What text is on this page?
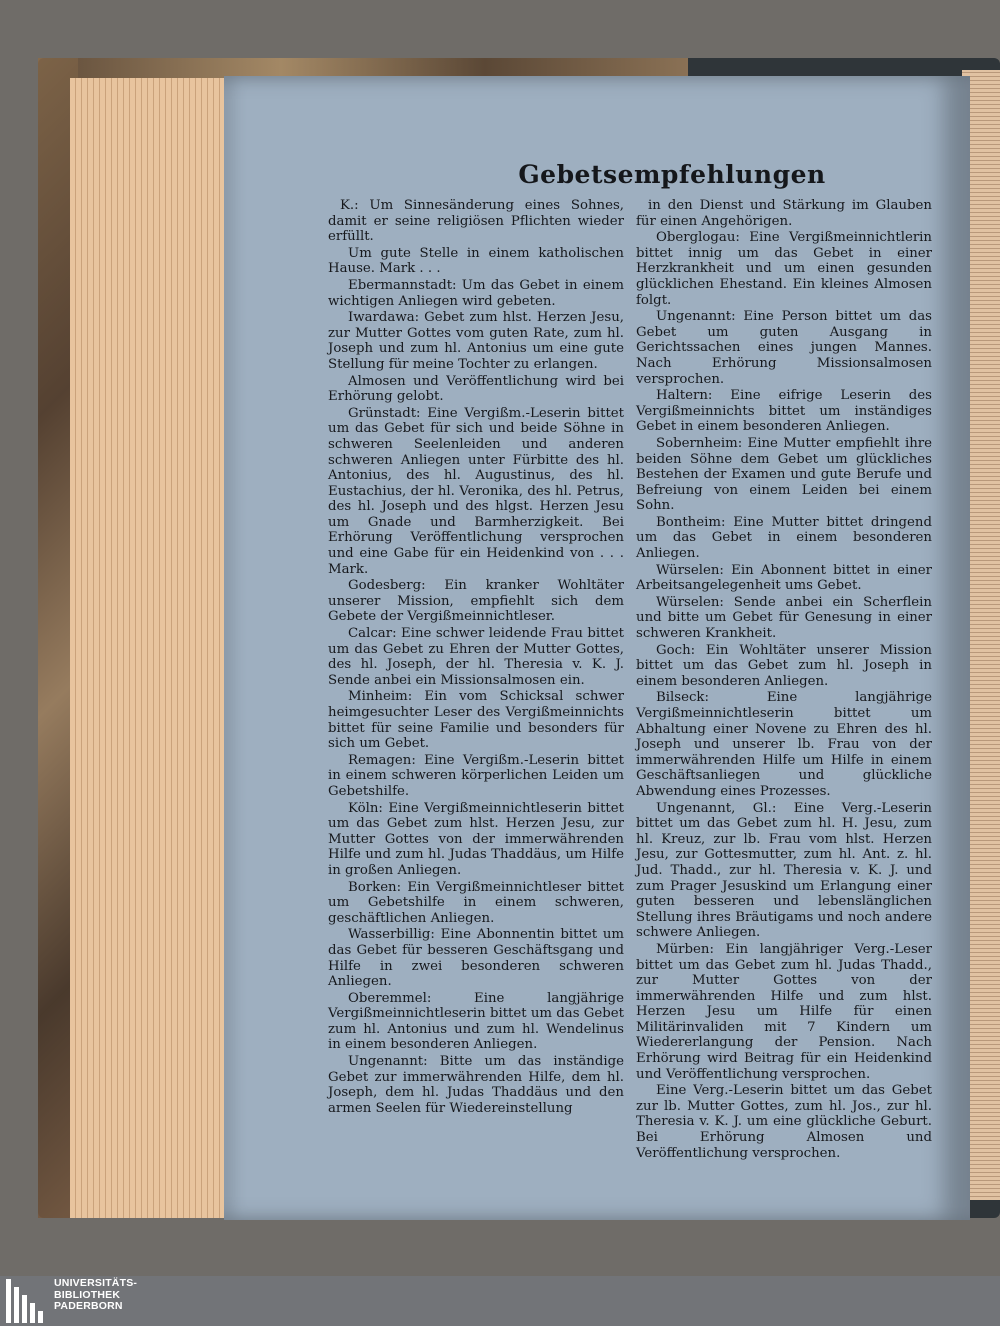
Gebetsempfehlungen

K.: Um Sinnesänderung eines Sohnes, damit er seine religiösen Pflichten wieder erfüllt.

Um gute Stelle in einem katholischen Hause. Mark . . .

Ebermannstadt: Um das Gebet in einem wichtigen Anliegen wird gebeten.

Iwardawa: Gebet zum hlst. Herzen Jesu, zur Mutter Gottes vom guten Rate, zum hl. Joseph und zum hl. Antonius um eine gute Stellung für meine Tochter zu erlangen.

Almosen und Veröffentlichung wird bei Erhörung gelobt.

Grünstadt: Eine Vergißm.-Leserin bittet um das Gebet für sich und beide Söhne in schweren Seelenleiden und anderen schweren Anliegen unter Fürbitte des hl. Antonius, des hl. Augustinus, des hl. Eustachius, der hl. Veronika, des hl. Petrus, des hl. Joseph und des hlgst. Herzen Jesu um Gnade und Barmherzigkeit. Bei Erhörung Veröffentlichung versprochen und eine Gabe für ein Heidenkind von . . . Mark.

Godesberg: Ein kranker Wohltäter unserer Mission, empfiehlt sich dem Gebete der Vergißmeinnichtleser.

Calcar: Eine schwer leidende Frau bittet um das Gebet zu Ehren der Mutter Gottes, des hl. Joseph, der hl. Theresia v. K. J. Sende anbei ein Missionsalmosen ein.

Minheim: Ein vom Schicksal schwer heimgesuchter Leser des Vergißmeinnichts bittet für seine Familie und besonders für sich um Gebet.

Remagen: Eine Vergißm.-Leserin bittet in einem schweren körperlichen Leiden um Gebetshilfe.

Köln: Eine Vergißmeinnichtleserin bittet um das Gebet zum hlst. Herzen Jesu, zur Mutter Gottes von der immerwährenden Hilfe und zum hl. Judas Thaddäus, um Hilfe in großen Anliegen.

Borken: Ein Vergißmeinnichtleser bittet um Gebetshilfe in einem schweren, geschäftlichen Anliegen.

Wasserbillig: Eine Abonnentin bittet um das Gebet für besseren Geschäftsgang und Hilfe in zwei besonderen schweren Anliegen.

Oberemmel: Eine langjährige Vergißmeinnichtleserin bittet um das Gebet zum hl. Antonius und zum hl. Wendelinus in einem besonderen Anliegen.

Ungenannt: Bitte um das inständige Gebet zur immerwährenden Hilfe, dem hl. Joseph, dem hl. Judas Thaddäus und den armen Seelen für Wiedereinstellung

in den Dienst und Stärkung im Glauben für einen Angehörigen.

Oberglogau: Eine Vergißmeinnichtlerin bittet innig um das Gebet in einer Herzkrankheit und um einen gesunden glücklichen Ehestand. Ein kleines Almosen folgt.

Ungenannt: Eine Person bittet um das Gebet um guten Ausgang in Gerichtssachen eines jungen Mannes. Nach Erhörung Missionsalmosen versprochen.

Haltern: Eine eifrige Leserin des Vergißmeinnichts bittet um inständiges Gebet in einem besonderen Anliegen.

Sobernheim: Eine Mutter empfiehlt ihre beiden Söhne dem Gebet um glückliches Bestehen der Examen und gute Berufe und Befreiung von einem Leiden bei einem Sohn.

Bontheim: Eine Mutter bittet dringend um das Gebet in einem besonderen Anliegen.

Würselen: Ein Abonnent bittet in einer Arbeitsangelegenheit ums Gebet.

Würselen: Sende anbei ein Scherflein und bitte um Gebet für Genesung in einer schweren Krankheit.

Goch: Ein Wohltäter unserer Mission bittet um das Gebet zum hl. Joseph in einem besonderen Anliegen.

Bilseck: Eine langjährige Vergißmeinnichtleserin bittet um Abhaltung einer Novene zu Ehren des hl. Joseph und unserer lb. Frau von der immerwährenden Hilfe um Hilfe in einem Geschäftsanliegen und glückliche Abwendung eines Prozesses.

Ungenannt, Gl.: Eine Verg.-Leserin bittet um das Gebet zum hl. H. Jesu, zum hl. Kreuz, zur lb. Frau vom hlst. Herzen Jesu, zur Gottesmutter, zum hl. Ant. z. hl. Jud. Thadd., zur hl. Theresia v. K. J. und zum Prager Jesuskind um Erlangung einer guten besseren und lebenslänglichen Stellung ihres Bräutigams und noch andere schwere Anliegen.

Mürben: Ein langjähriger Verg.-Leser bittet um das Gebet zum hl. Judas Thadd., zur Mutter Gottes von der immerwährenden Hilfe und zum hlst. Herzen Jesu um Hilfe für einen Militärinvaliden mit 7 Kindern um Wiedererlangung der Pension. Nach Erhörung wird Beitrag für ein Heidenkind und Veröffentlichung versprochen.

Eine Verg.-Leserin bittet um das Gebet zur lb. Mutter Gottes, zum hl. Jos., zur hl. Theresia v. K. J. um eine glückliche Geburt. Bei Erhörung Almosen und Veröffentlichung versprochen.

UNIVERSITÄTS-
BIBLIOTHEK
PADERBORN
